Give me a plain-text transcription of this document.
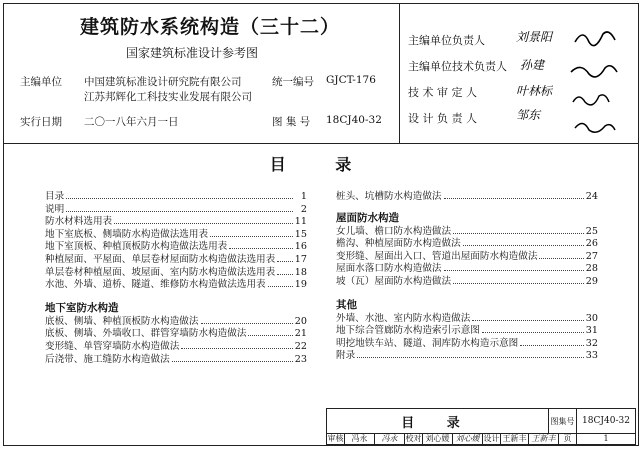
建筑防水系统构造（三十二）
国家建筑标准设计参考图
主编单位 中国建筑标准设计研究院有限公司
江苏邦辉化工科技实业发展有限公司
统一编号 GJCT-176
实行日期 二〇一八年六月一日	图 集 号 18CJ40-32
主编单位负责人	刘景阳
主编单位技术负责人 孙建
技 术 审 定 人	叶林标
设 计 负 责 人	邹东
目 录
目录	1
说明	2
防水材料选用表	11
地下室底板、侧墙防水构造做法选用表	15
地下室顶板、种植顶板防水构造做法选用表	16
种植屋面、平屋面、单层卷材屋面防水构造做法选用表 17
单层卷材种植屋面、坡屋面、室内防水构造做法选用表 18
水池、外墙、道桥、隧道、维修防水构造做法选用表	19
地下室防水构造
底板、侧墙、种植顶板防水构造做法	20
底板、侧墙、外墙收口、群管穿墙防水构造做法	21
变形缝、单管穿墙防水构造做法	22
后浇带、施工缝防水构造做法	23
桩头、坑槽防水构造做法	24
屋面防水构造
女儿墙、檐口防水构造做法	25
檐沟、种植屋面防水构造做法	26
变形缝、屋面出入口、管道出屋面防水构造做法	27
屋面水落口防水构造做法	28
坡（瓦）屋面防水构造做法	29
其他
外墙、水池、室内防水构造做法	30
地下综合管廊防水构造索引示意图	31
明挖地铁车站、隧道、洞库防水构造示意图	32
附录	33
目 录	图集号 18CJ40-32
审核	冯永	冯永	校对 刘心媛 刘心媛 设计 王新丰 王新丰	页	1
